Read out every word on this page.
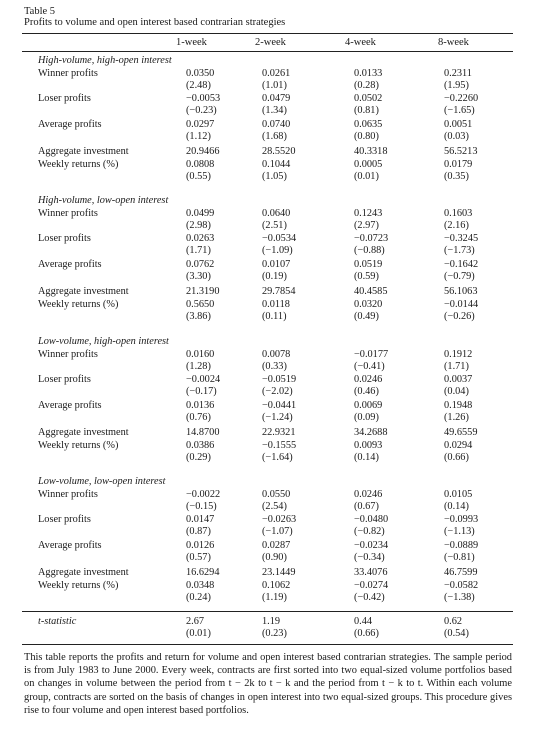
Table 5
Profits to volume and open interest based contrarian strategies
1-week	2-week	4-week	8-week
High-volume, high-open interest
Winner profits	0.0350	0.0261	0.0133	0.2311
(2.48)	(1.01)	(0.28)	(1.95)
Loser profits	−0.0053	0.0479	0.0502	−0.2260
(−0.23)	(1.34)	(0.81)	(−1.65)
Average profits	0.0297	0.0740	0.0635	0.0051
(1.12)	(1.68)	(0.80)	(0.03)
Aggregate investment	20.9466	28.5520	40.3318	56.5213
Weekly returns (%)	0.0808	0.1044	0.0005	0.0179
(0.55)	(1.05)	(0.01)	(0.35)
High-volume, low-open interest
Winner profits	0.0499	0.0640	0.1243	0.1603
(2.98)	(2.51)	(2.97)	(2.16)
Loser profits	0.0263	−0.0534	−0.0723	−0.3245
(1.71)	(−1.09)	(−0.88)	(−1.73)
Average profits	0.0762	0.0107	0.0519	−0.1642
(3.30)	(0.19)	(0.59)	(−0.79)
Aggregate investment	21.3190	29.7854	40.4585	56.1063
Weekly returns (%)	0.5650	0.0118	0.0320	−0.0144
(3.86)	(0.11)	(0.49)	(−0.26)
Low-volume, high-open interest
Winner profits	0.0160	0.0078	−0.0177	0.1912
(1.28)	(0.33)	(−0.41)	(1.71)
Loser profits	−0.0024	−0.0519	0.0246	0.0037
(−0.17)	(−2.02)	(0.46)	(0.04)
Average profits	0.0136	−0.0441	0.0069	0.1948
(0.76)	(−1.24)	(0.09)	(1.26)
Aggregate investment	14.8700	22.9321	34.2688	49.6559
Weekly returns (%)	0.0386	−0.1555	0.0093	0.0294
(0.29)	(−1.64)	(0.14)	(0.66)
Low-volume, low-open interest
Winner profits	−0.0022	0.0550	0.0246	0.0105
(−0.15)	(2.54)	(0.67)	(0.14)
Loser profits	0.0147	−0.0263	−0.0480	−0.0993
(0.87)	(−1.07)	(−0.82)	(−1.13)
Average profits	0.0126	0.0287	−0.0234	−0.0889
(0.57)	(0.90)	(−0.34)	(−0.81)
Aggregate investment	16.6294	23.1449	33.4076	46.7599
Weekly returns (%)	0.0348	0.1062	−0.0274	−0.0582
(0.24)	(1.19)	(−0.42)	(−1.38)
t-statistic	2.67	1.19	0.44	0.62
(0.01)	(0.23)	(0.66)	(0.54)
This table reports the profits and return for volume and open interest based contrarian strategies. The sample period is from July 1983 to June 2000. Every week, contracts are first sorted into two equal-sized volume portfolios based on changes in volume between the period from t − 2k to t − k and the period from t − k to t. Within each volume group, contracts are sorted on the basis of changes in open interest into two equal-sized groups. This procedure gives rise to four volume and open interest based portfolios.
